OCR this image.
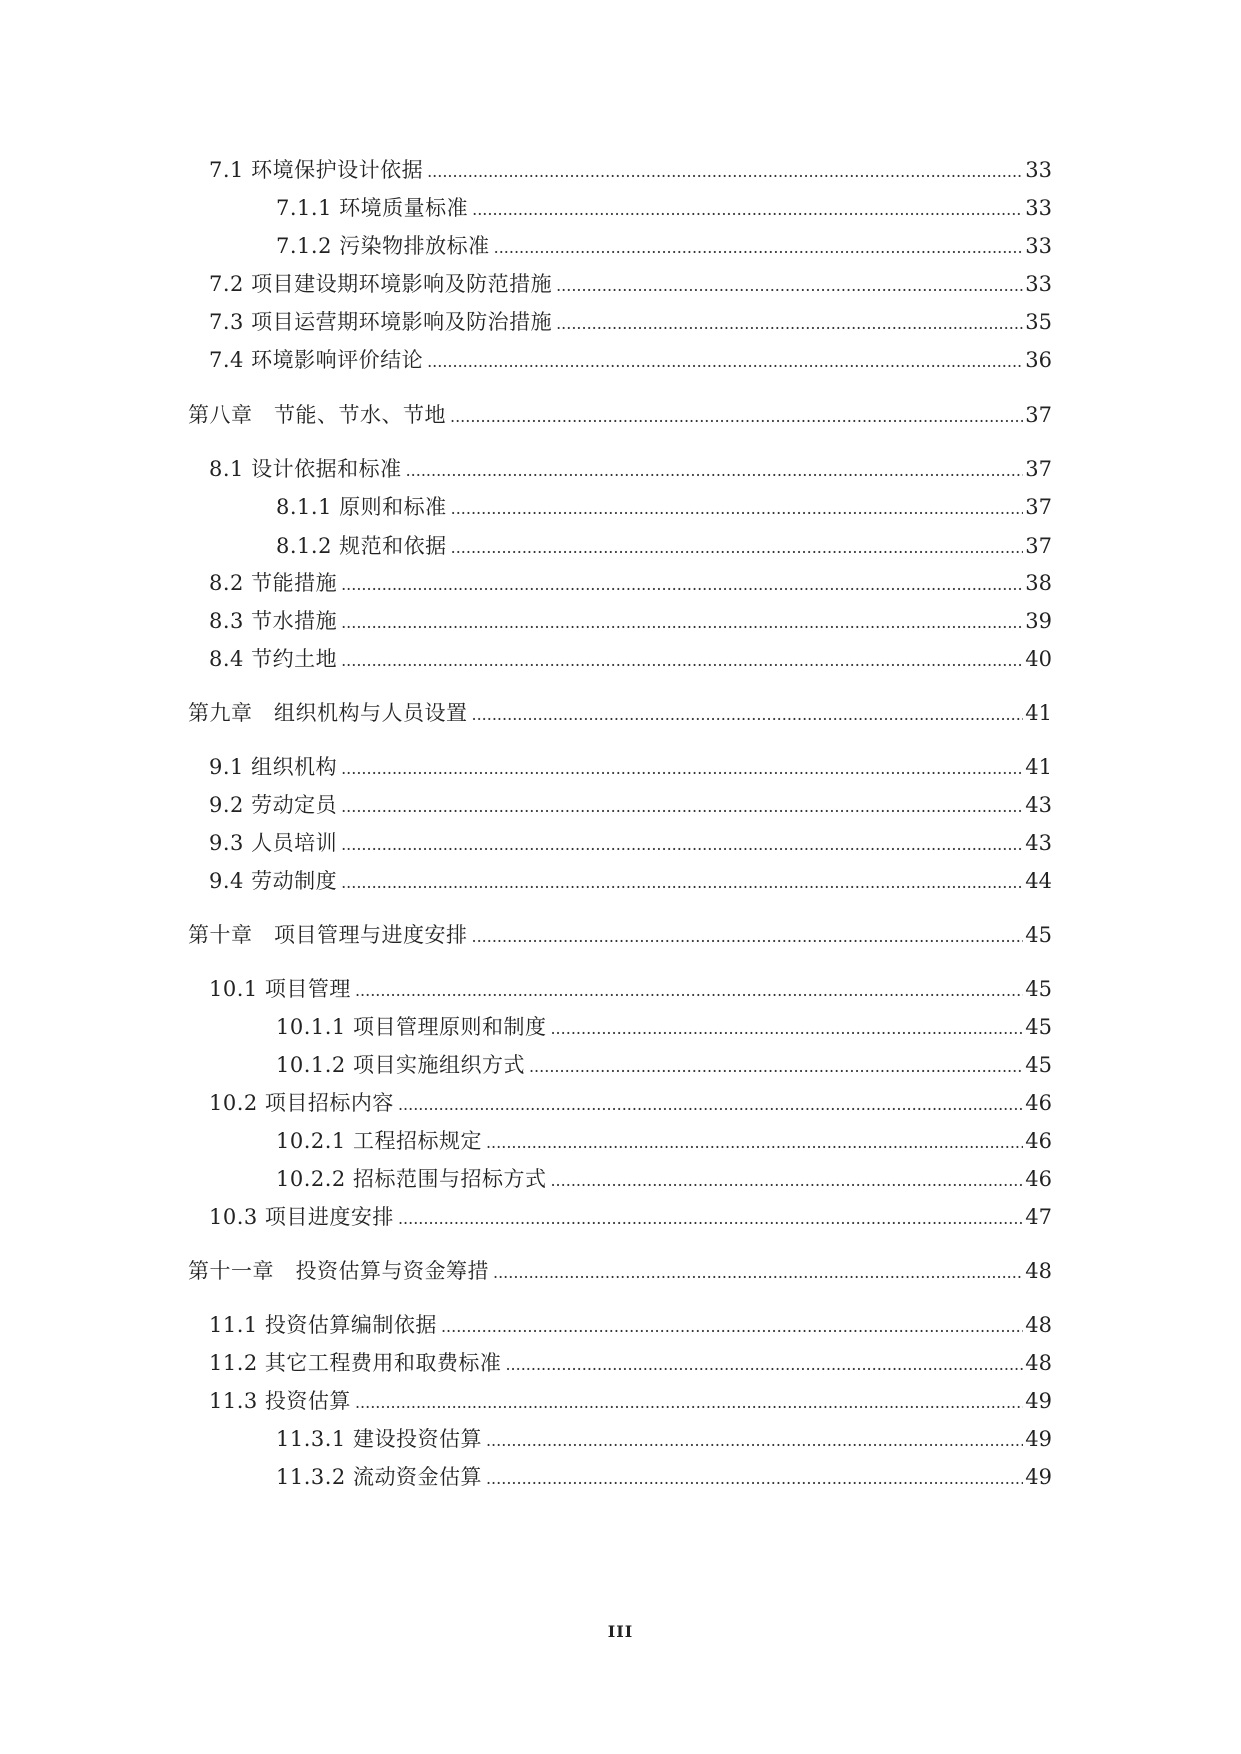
7.1 环境保护设计依据 .....	33
7.1.1 环境质量标准 .....	33
7.1.2 污染物排放标准 .....	33
7.2 项目建设期环境影响及防范措施 .....	33
7.3 项目运营期环境影响及防治措施 .....	35
7.4 环境影响评价结论 .....	36
第八章　节能、节水、节地 .....	37
8.1 设计依据和标准 .....	37
8.1.1 原则和标准 .....	37
8.1.2 规范和依据 .....	37
8.2 节能措施 .....	38
8.3 节水措施 .....	39
8.4 节约土地 .....	40
第九章　组织机构与人员设置 .....	41
9.1 组织机构 .....	41
9.2 劳动定员 .....	43
9.3 人员培训 .....	43
9.4 劳动制度 .....	44
第十章　项目管理与进度安排 .....	45
10.1 项目管理 .....	45
10.1.1 项目管理原则和制度 .....	45
10.1.2 项目实施组织方式 .....	45
10.2 项目招标内容 .....	46
10.2.1 工程招标规定 .....	46
10.2.2 招标范围与招标方式 .....	46
10.3 项目进度安排 .....	47
第十一章　投资估算与资金筹措 .....	48
11.1 投资估算编制依据 .....	48
11.2 其它工程费用和取费标准 .....	48
11.3 投资估算 .....	49
11.3.1 建设投资估算 .....	49
11.3.2 流动资金估算 .....	49
III
